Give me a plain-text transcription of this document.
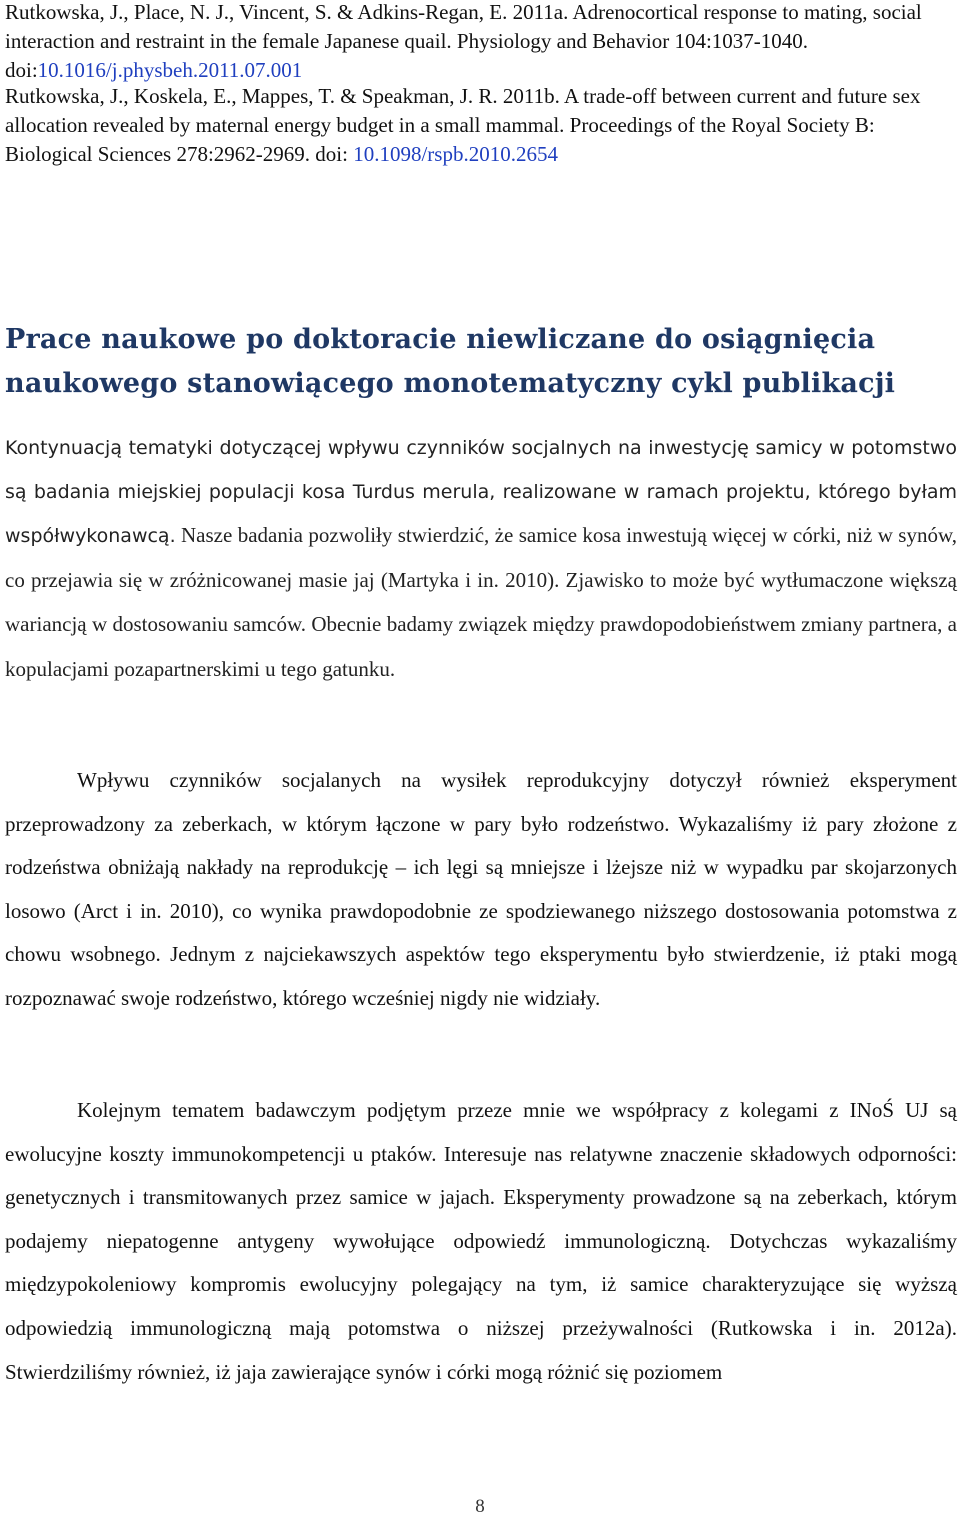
Rutkowska, J., Place, N. J., Vincent, S. & Adkins-Regan, E. 2011a. Adrenocortical response to mating, social interaction and restraint in the female Japanese quail. Physiology and Behavior 104:1037-1040. doi:10.1016/j.physbeh.2011.07.001

Rutkowska, J., Koskela, E., Mappes, T. & Speakman, J. R. 2011b. A trade-off between current and future sex allocation revealed by maternal energy budget in a small mammal. Proceedings of the Royal Society B: Biological Sciences 278:2962-2969. doi: 10.1098/rspb.2010.2654

Prace naukowe po doktoracie niewliczane do osiągnięcia naukowego stanowiącego monotematyczny cykl publikacji

Kontynuacją tematyki dotyczącej wpływu czynników socjalnych na inwestycję samicy w potomstwo są badania miejskiej populacji kosa Turdus merula, realizowane w ramach projektu, którego byłam współwykonawcą. Nasze badania pozwoliły stwierdzić, że samice kosa inwestują więcej w córki, niż w synów, co przejawia się w zróżnicowanej masie jaj (Martyka i in. 2010). Zjawisko to może być wytłumaczone większą wariancją w dostosowaniu samców. Obecnie badamy związek między prawdopodobieństwem zmiany partnera, a kopulacjami pozapartnerskimi u tego gatunku.

Wpływu czynników socjalanych na wysiłek reprodukcyjny dotyczył również eksperyment przeprowadzony za zeberkach, w którym łączone w pary było rodzeństwo. Wykazaliśmy iż pary złożone z rodzeństwa obniżają nakłady na reprodukcję – ich lęgi są mniejsze i lżejsze niż w wypadku par skojarzonych losowo (Arct i in. 2010), co wynika prawdopodobnie ze spodziewanego niższego dostosowania potomstwa z chowu wsobnego. Jednym z najciekawszych aspektów tego eksperymentu było stwierdzenie, iż ptaki mogą rozpoznawać swoje rodzeństwo, którego wcześniej nigdy nie widziały.

Kolejnym tematem badawczym podjętym przeze mnie we współpracy z kolegami z INoŚ UJ są ewolucyjne koszty immunokompetencji u ptaków. Interesuje nas relatywne znaczenie składowych odporności: genetycznych i transmitowanych przez samice w jajach. Eksperymenty prowadzone są na zeberkach, którym podajemy niepatogenne antygeny wywołujące odpowiedź immunologiczną. Dotychczas wykazaliśmy międzypokoleniowy kompromis ewolucyjny polegający na tym, iż samice charakteryzujące się wyższą odpowiedzią immunologiczną mają potomstwa o niższej przeżywalności (Rutkowska i in. 2012a). Stwierdziliśmy również, iż jaja zawierające synów i córki mogą różnić się poziomem

8
